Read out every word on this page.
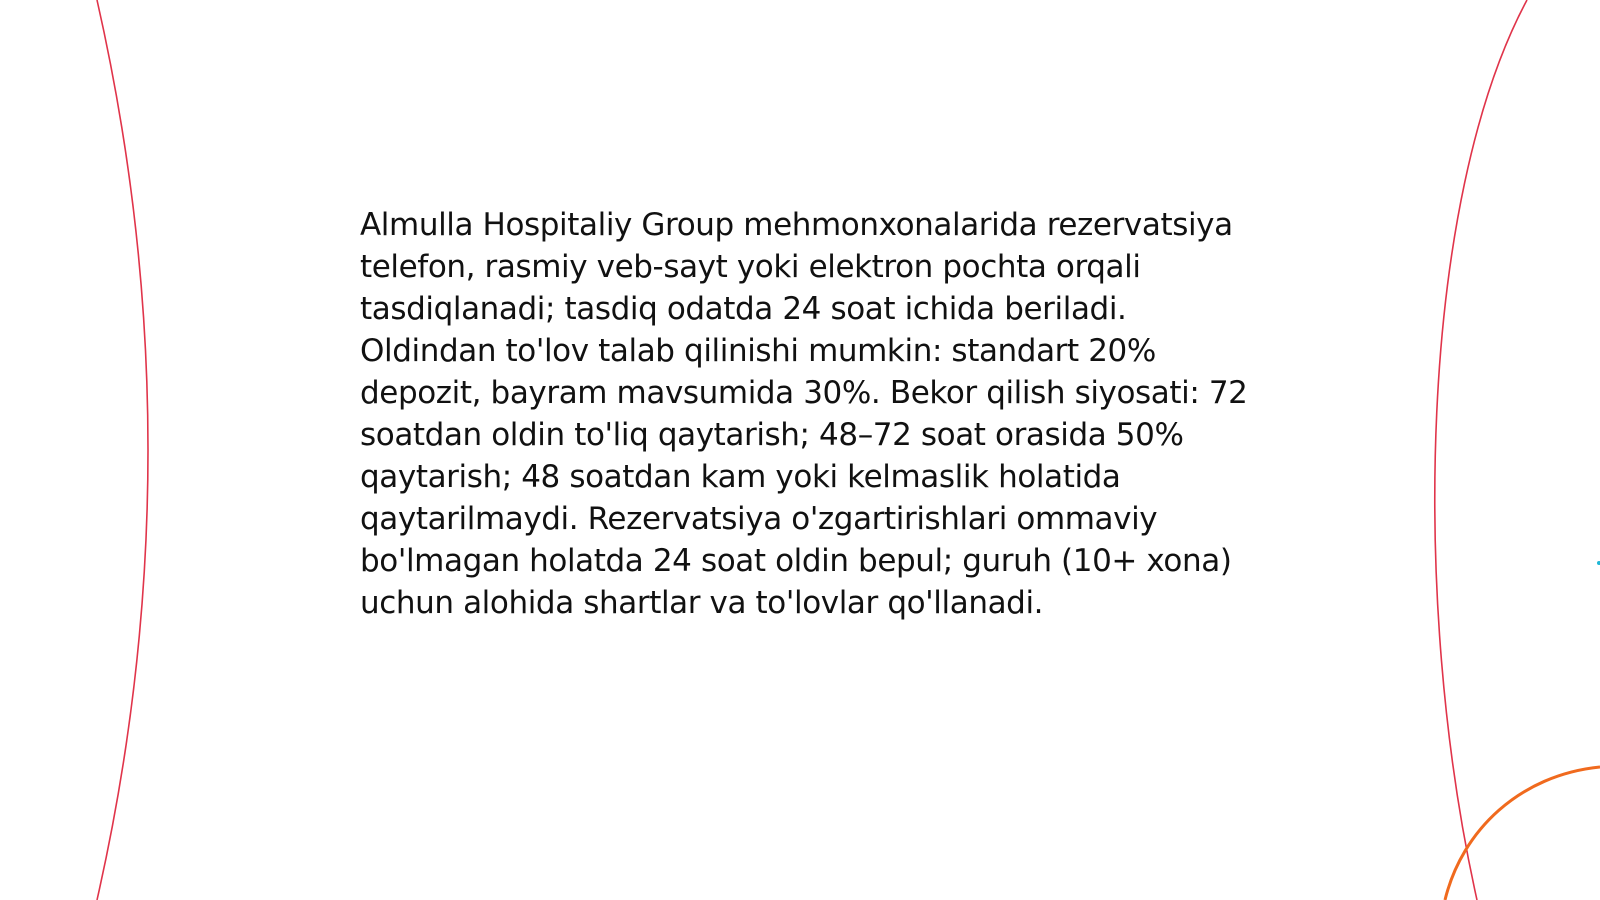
Almulla Hospitaliy Group mehmonxonalarida rezervatsiya telefon, rasmiy veb-sayt yoki elektron pochta orqali tasdiqlanadi; tasdiq odatda 24 soat ichida beriladi. Oldindan to'lov talab qilinishi mumkin: standart 20% depozit, bayram mavsumida 30%. Bekor qilish siyosati: 72 soatdan oldin to'liq qaytarish; 48–72 soat orasida 50% qaytarish; 48 soatdan kam yoki kelmaslik holatida qaytarilmaydi. Rezervatsiya o'zgartirishlari ommaviy bo'lmagan holatda 24 soat oldin bepul; guruh (10+ xona) uchun alohida shartlar va to'lovlar qo'llanadi.
